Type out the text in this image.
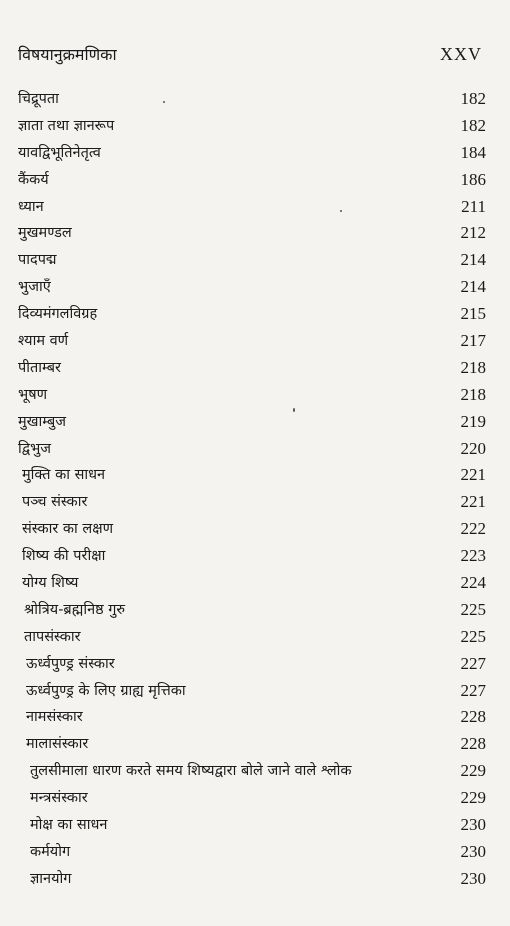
विषयानुक्रमणिका	XXV
चिद्रूपता	182
ज्ञाता तथा ज्ञानरूप	182
यावद्विभूतिनेतृत्व	184
कैंकर्य	186
ध्यान	211
मुखमण्डल	212
पादपद्म	214
भुजाएँ	214
दिव्यमंगलविग्रह	215
श्याम वर्ण	217
पीताम्बर	218
भूषण	218
मुखाम्बुज	219
द्विभुज	220
मुक्ति का साधन	221
पञ्च संस्कार	221
संस्कार का लक्षण	222
शिष्य की परीक्षा	223
योग्य शिष्य	224
श्रोत्रिय-ब्रह्मनिष्ठ गुरु	225
तापसंस्कार	225
ऊर्ध्वपुण्ड्र संस्कार	227
ऊर्ध्वपुण्ड्र के लिए ग्राह्य मृत्तिका	227
नामसंस्कार	228
मालासंस्कार	228
तुलसीमाला धारण करते समय शिष्यद्वारा बोले जाने वाले श्लोक	229
मन्त्रसंस्कार	229
मोक्ष का साधन	230
कर्मयोग	230
ज्ञानयोग	230
